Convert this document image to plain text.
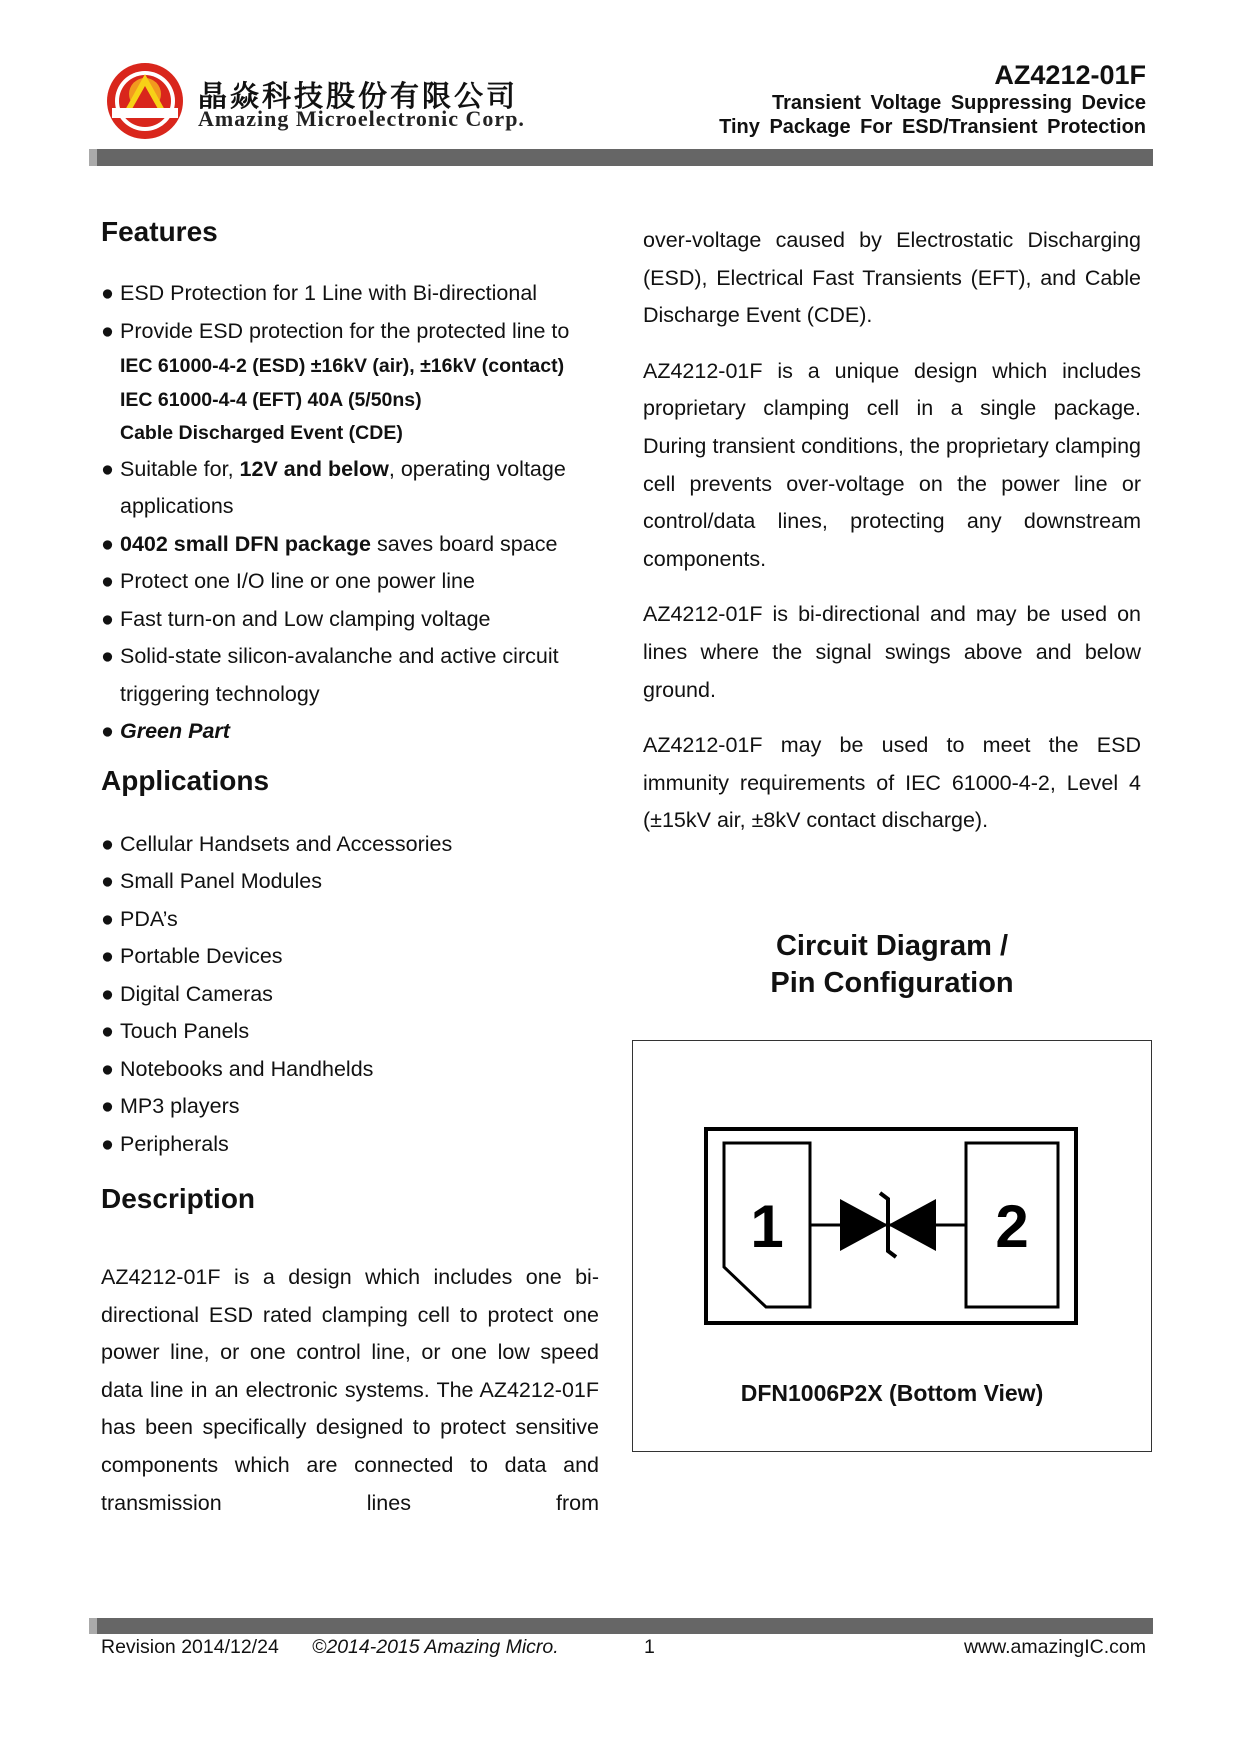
晶焱科技股份有限公司
Amazing Microelectronic Corp.
AZ4212-01F
Transient Voltage Suppressing Device
Tiny Package For ESD/Transient Protection
Features
● ESD Protection for 1 Line with Bi-directional
● Provide ESD protection for the protected line to
IEC 61000-4-2 (ESD) ±16kV (air), ±16kV (contact)
IEC 61000-4-4 (EFT) 40A (5/50ns)
Cable Discharged Event (CDE)
● Suitable for, 12V and below, operating voltage applications
● 0402 small DFN package saves board space
● Protect one I/O line or one power line
● Fast turn-on and Low clamping voltage
● Solid-state silicon-avalanche and active circuit triggering technology
● Green Part
Applications
● Cellular Handsets and Accessories
● Small Panel Modules
● PDA’s
● Portable Devices
● Digital Cameras
● Touch Panels
● Notebooks and Handhelds
● MP3 players
● Peripherals
Description
AZ4212-01F is a design which includes one bi-directional ESD rated clamping cell to protect one power line, or one control line, or one low speed data line in an electronic systems. The AZ4212-01F has been specifically designed to protect sensitive components which are connected to data and transmission lines from

over-voltage caused by Electrostatic Discharging (ESD), Electrical Fast Transients (EFT), and Cable Discharge Event (CDE).

AZ4212-01F is a unique design which includes proprietary clamping cell in a single package. During transient conditions, the proprietary clamping cell prevents over-voltage on the power line or control/data lines, protecting any downstream components.

AZ4212-01F is bi-directional and may be used on lines where the signal swings above and below ground.

AZ4212-01F may be used to meet the ESD immunity requirements of IEC 61000-4-2, Level 4 (±15kV air, ±8kV contact discharge).

Circuit Diagram /
Pin Configuration
1	2
DFN1006P2X (Bottom View)
Revision 2014/12/24 ©2014-2015 Amazing Micro.	1	www.amazingIC.com
